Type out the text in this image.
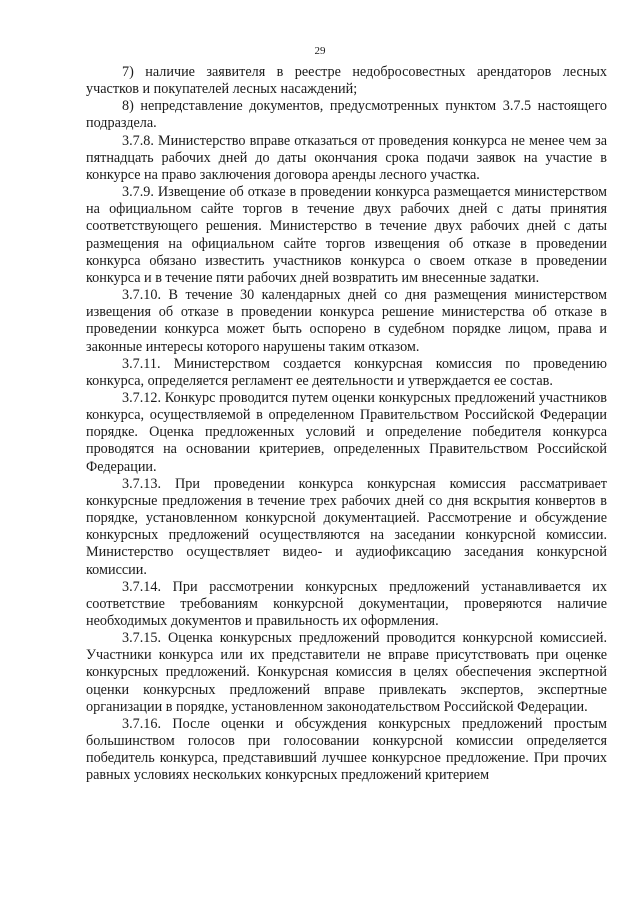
29

7) наличие заявителя в реестре недобросовестных арендаторов лесных участков и покупателей лесных насаждений;

8) непредставление документов, предусмотренных пунктом 3.7.5 настоящего подраздела.

3.7.8. Министерство вправе отказаться от проведения конкурса не менее чем за пятнадцать рабочих дней до даты окончания срока подачи заявок на участие в конкурсе на право заключения договора аренды лесного участка.

3.7.9. Извещение об отказе в проведении конкурса размещается министерством на официальном сайте торгов в течение двух рабочих дней с даты принятия соответствующего решения. Министерство в течение двух рабочих дней с даты размещения на официальном сайте торгов извещения об отказе в проведении конкурса обязано известить участников конкурса о своем отказе в проведении конкурса и в течение пяти рабочих дней возвратить им внесенные задатки.

3.7.10. В течение 30 календарных дней со дня размещения министерством извещения об отказе в проведении конкурса решение министерства об отказе в проведении конкурса может быть оспорено в судебном порядке лицом, права и законные интересы которого нарушены таким отказом.

3.7.11. Министерством создается конкурсная комиссия по проведению конкурса, определяется регламент ее деятельности и утверждается ее состав.

3.7.12. Конкурс проводится путем оценки конкурсных предложений участников конкурса, осуществляемой в определенном Правительством Российской Федерации порядке. Оценка предложенных условий и определение победителя конкурса проводятся на основании критериев, определенных Правительством Российской Федерации.

3.7.13. При проведении конкурса конкурсная комиссия рассматривает конкурсные предложения в течение трех рабочих дней со дня вскрытия конвертов в порядке, установленном конкурсной документацией. Рассмотрение и обсуждение конкурсных предложений осуществляются на заседании конкурсной комиссии. Министерство осуществляет видео- и аудиофиксацию заседания конкурсной комиссии.

3.7.14. При рассмотрении конкурсных предложений устанавливается их соответствие требованиям конкурсной документации, проверяются наличие необходимых документов и правильность их оформления.

3.7.15. Оценка конкурсных предложений проводится конкурсной комиссией. Участники конкурса или их представители не вправе присутствовать при оценке конкурсных предложений. Конкурсная комиссия в целях обеспечения экспертной оценки конкурсных предложений вправе привлекать экспертов, экспертные организации в порядке, установленном законодательством Российской Федерации.

3.7.16. После оценки и обсуждения конкурсных предложений простым большинством голосов при голосовании конкурсной комиссии определяется победитель конкурса, представивший лучшее конкурсное предложение. При прочих равных условиях нескольких конкурсных предложений критерием
